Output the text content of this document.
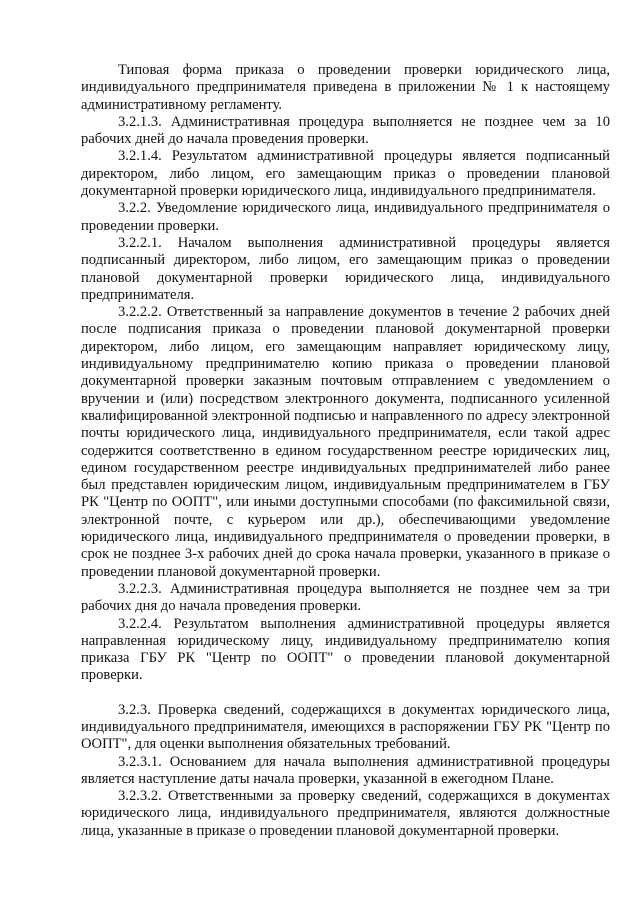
Типовая форма приказа о проведении проверки юридического лица, индивидуального предпринимателя приведена в приложении № 1 к настоящему административному регламенту.

3.2.1.3. Административная процедура выполняется не позднее чем за 10 рабочих дней до начала проведения проверки.

3.2.1.4. Результатом административной процедуры является подписанный директором, либо лицом, его замещающим приказ о проведении плановой документарной проверки юридического лица, индивидуального предпринимателя.

3.2.2. Уведомление юридического лица, индивидуального предпринимателя о проведении проверки.

3.2.2.1. Началом выполнения административной процедуры является подписанный директором, либо лицом, его замещающим приказ о проведении плановой документарной проверки юридического лица, индивидуального предпринимателя.

3.2.2.2. Ответственный за направление документов в течение 2 рабочих дней после подписания приказа о проведении плановой документарной проверки директором, либо лицом, его замещающим направляет юридическому лицу, индивидуальному предпринимателю копию приказа о проведении плановой документарной проверки заказным почтовым отправлением с уведомлением о вручении и (или) посредством электронного документа, подписанного усиленной квалифицированной электронной подписью и направленного по адресу электронной почты юридического лица, индивидуального предпринимателя, если такой адрес содержится соответственно в едином государственном реестре юридических лиц, едином государственном реестре индивидуальных предпринимателей либо ранее был представлен юридическим лицом, индивидуальным предпринимателем в ГБУ РК "Центр по ООПТ", или иными доступными способами (по факсимильной связи, электронной почте, с курьером или др.), обеспечивающими уведомление юридического лица, индивидуального предпринимателя о проведении проверки, в срок не позднее 3-х рабочих дней до срока начала проверки, указанного в приказе о проведении плановой документарной проверки.

3.2.2.3. Административная процедура выполняется не позднее чем за три рабочих дня до начала проведения проверки.

3.2.2.4. Результатом выполнения административной процедуры является направленная юридическому лицу, индивидуальному предпринимателю копия приказа ГБУ РК "Центр по ООПТ" о проведении плановой документарной проверки.

3.2.3. Проверка сведений, содержащихся в документах юридического лица, индивидуального предпринимателя, имеющихся в распоряжении ГБУ РК "Центр по ООПТ", для оценки выполнения обязательных требований.

3.2.3.1. Основанием для начала выполнения административной процедуры является наступление даты начала проверки, указанной в ежегодном Плане.

3.2.3.2. Ответственными за проверку сведений, содержащихся в документах юридического лица, индивидуального предпринимателя, являются должностные лица, указанные в приказе о проведении плановой документарной проверки.
